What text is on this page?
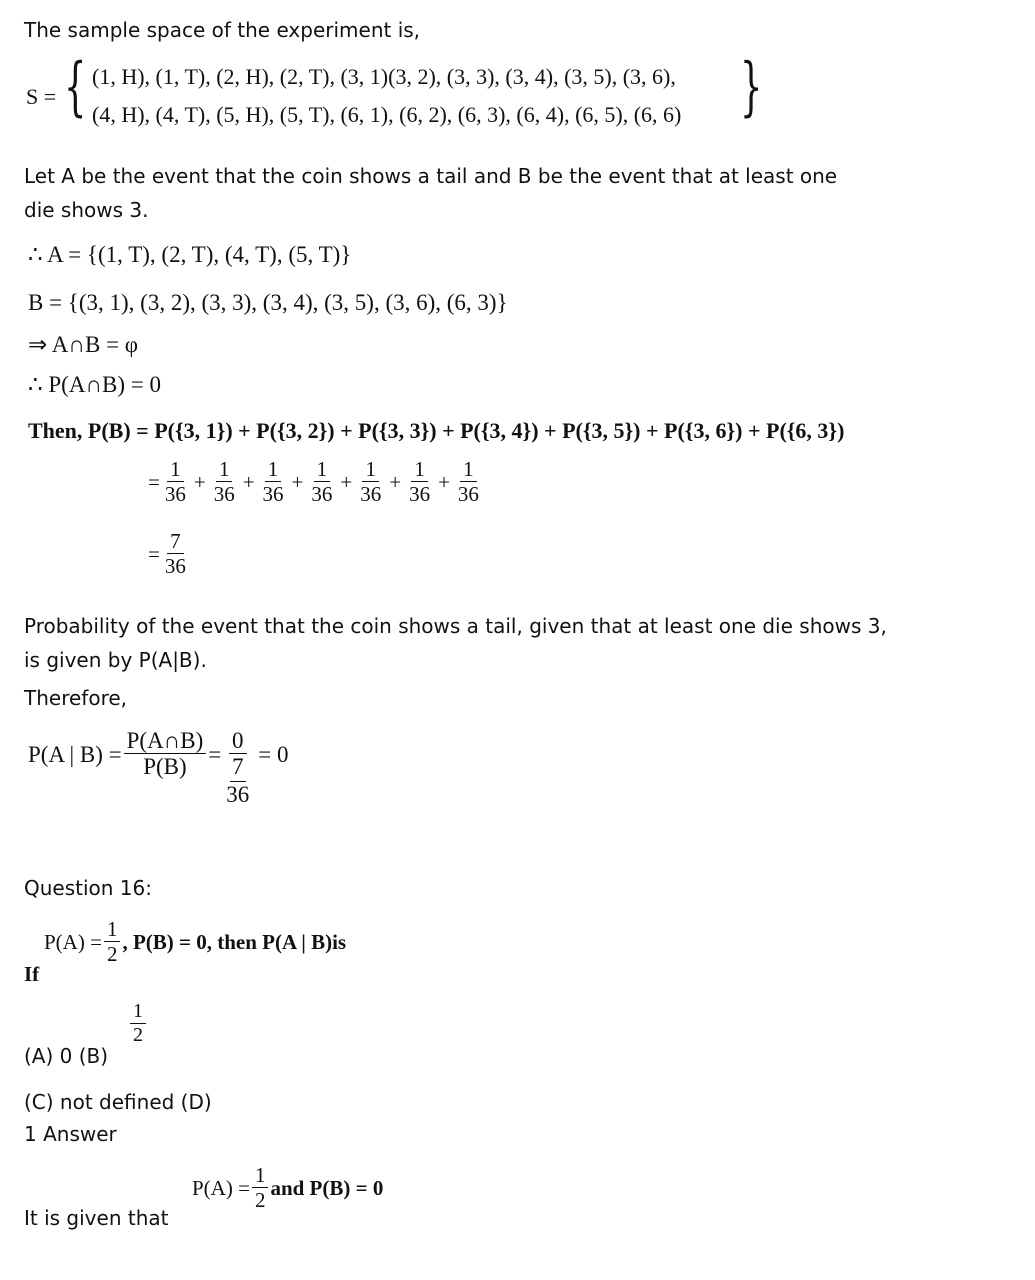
The sample space of the experiment is,
S = { (1, H), (1, T), (2, H), (2, T), (3, 1)(3, 2), (3, 3), (3, 4), (3, 5), (3, 6),
(4, H), (4, T), (5, H), (5, T), (6, 1), (6, 2), (6, 3), (6, 4), (6, 5), (6, 6) }
Let A be the event that the coin shows a tail and B be the event that at least one
die shows 3.
∴ A = {(1, T), (2, T), (4, T), (5, T)}
B = {(3, 1), (3, 2), (3, 3), (3, 4), (3, 5), (3, 6), (6, 3)}
⇒ A∩B = φ
∴ P(A∩B) = 0
Then, P(B) = P({3, 1}) + P({3, 2}) + P({3, 3}) + P({3, 4}) + P({3, 5}) + P({3, 6}) + P({6, 3})
= $\frac{1}{36} + \frac{1}{36} + \frac{1}{36} + \frac{1}{36} + \frac{1}{36} + \frac{1}{36} + \frac{1}{36}$
= $\frac{7}{36}$
Probability of the event that the coin shows a tail, given that at least one die shows 3,
is given by P(A|B).
Therefore,
P(A | $B) = \frac{P(A\cap B)}{P(B)} = \frac{0}{\frac{7}{36}} = 0$
Question 16:
If
$P(A) = \frac{1}{2}$ , P(B) = 0, then P(A | B)is
$\frac{1}{2}$
(A) 0 (B)
(C) not defined (D)
1 Answer
It is given that
$P(A) = \frac{1}{2}$ and P(B) = 0
